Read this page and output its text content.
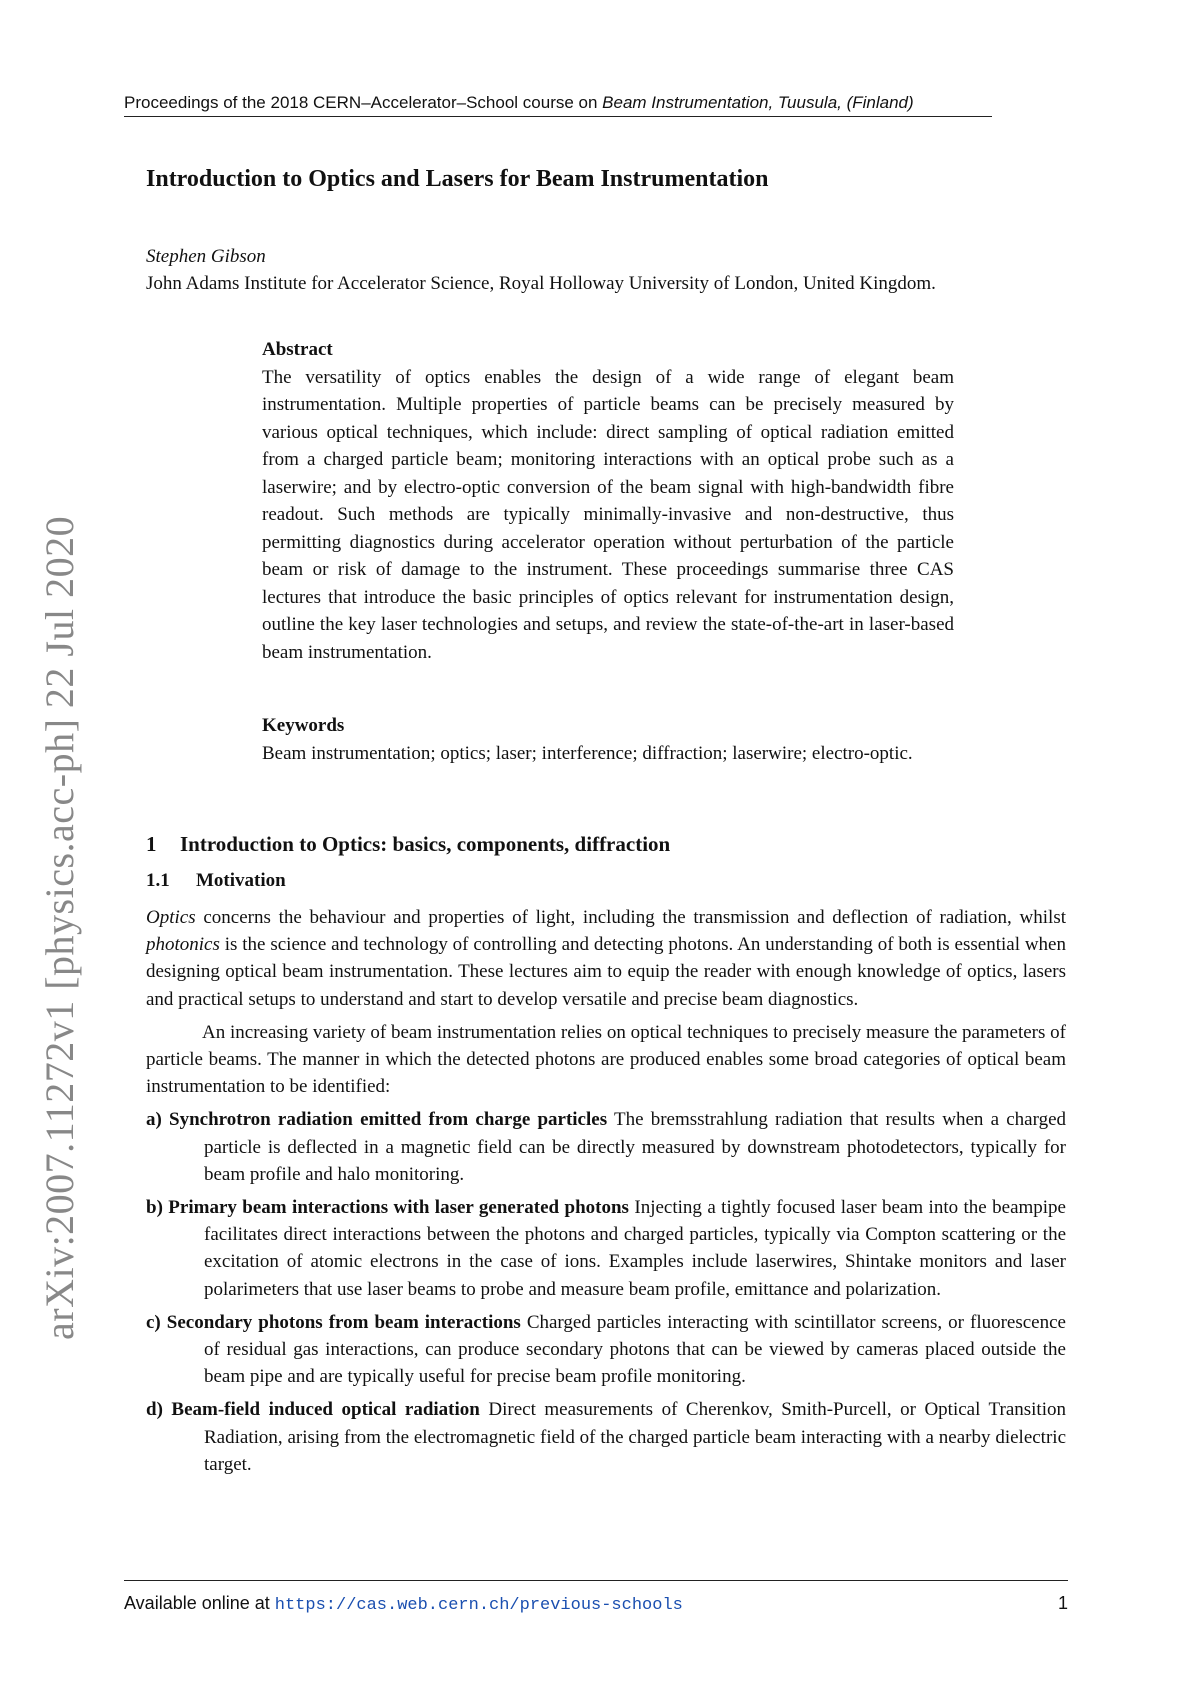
Proceedings of the 2018 CERN–Accelerator–School course on Beam Instrumentation, Tuusula, (Finland)
Introduction to Optics and Lasers for Beam Instrumentation
Stephen Gibson
John Adams Institute for Accelerator Science, Royal Holloway University of London, United Kingdom.
Abstract

The versatility of optics enables the design of a wide range of elegant beam instrumentation. Multiple properties of particle beams can be precisely measured by various optical techniques, which include: direct sampling of optical radiation emitted from a charged particle beam; monitoring interactions with an optical probe such as a laserwire; and by electro-optic conversion of the beam signal with high-bandwidth fibre readout. Such methods are typically minimally-invasive and non-destructive, thus permitting diagnostics during accelerator operation without perturbation of the particle beam or risk of damage to the instrument. These proceedings summarise three CAS lectures that introduce the basic principles of optics relevant for instrumentation design, outline the key laser technologies and setups, and review the state-of-the-art in laser-based beam instrumentation.

Keywords

Beam instrumentation; optics; laser; interference; diffraction; laserwire; electro-optic.

1 Introduction to Optics: basics, components, diffraction
1.1 Motivation

Optics concerns the behaviour and properties of light, including the transmission and deflection of radiation, whilst photonics is the science and technology of controlling and detecting photons. An understanding of both is essential when designing optical beam instrumentation. These lectures aim to equip the reader with enough knowledge of optics, lasers and practical setups to understand and start to develop versatile and precise beam diagnostics.

An increasing variety of beam instrumentation relies on optical techniques to precisely measure the parameters of particle beams. The manner in which the detected photons are produced enables some broad categories of optical beam instrumentation to be identified:

a) Synchrotron radiation emitted from charge particles The bremsstrahlung radiation that results when a charged particle is deflected in a magnetic field can be directly measured by downstream photodetectors, typically for beam profile and halo monitoring.
b) Primary beam interactions with laser generated photons Injecting a tightly focused laser beam into the beampipe facilitates direct interactions between the photons and charged particles, typically via Compton scattering or the excitation of atomic electrons in the case of ions. Examples include laserwires, Shintake monitors and laser polarimeters that use laser beams to probe and measure beam profile, emittance and polarization.
c) Secondary photons from beam interactions Charged particles interacting with scintillator screens, or fluorescence of residual gas interactions, can produce secondary photons that can be viewed by cameras placed outside the beam pipe and are typically useful for precise beam profile monitoring.
d) Beam-field induced optical radiation Direct measurements of Cherenkov, Smith-Purcell, or Optical Transition Radiation, arising from the electromagnetic field of the charged particle beam interacting with a nearby dielectric target.
arXiv:2007.11272v1 [physics.acc-ph] 22 Jul 2020
Available online at https://cas.web.cern.ch/previous-schools	1
